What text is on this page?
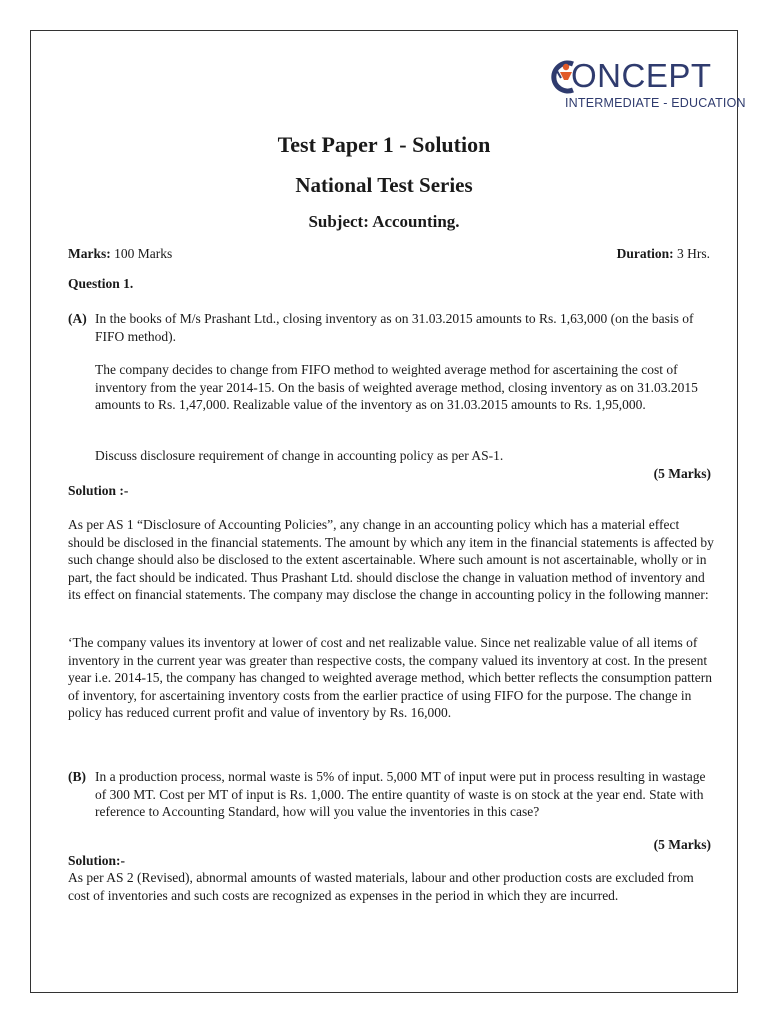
ONCEPT
INTERMEDIATE - EDUCATION
Test Paper 1 - Solution
National Test Series
Subject: Accounting.
Marks: 100 Marks	Duration: 3 Hrs.
Question 1.
(A) In the books of M/s Prashant Ltd., closing inventory as on 31.03.2015 amounts to Rs. 1,63,000 (on the basis of FIFO method).

The company decides to change from FIFO method to weighted average method for ascertaining the cost of inventory from the year 2014-15. On the basis of weighted average method, closing inventory as on 31.03.2015 amounts to Rs. 1,47,000. Realizable value of the inventory as on 31.03.2015 amounts to Rs. 1,95,000.

Discuss disclosure requirement of change in accounting policy as per AS-1.

(5 Marks)
Solution :-

As per AS 1 “Disclosure of Accounting Policies”, any change in an accounting policy which has a material effect should be disclosed in the financial statements. The amount by which any item in the financial statements is affected by such change should also be disclosed to the extent ascertainable. Where such amount is not ascertainable, wholly or in part, the fact should be indicated. Thus Prashant Ltd. should disclose the change in valuation method of inventory and its effect on financial statements. The company may disclose the change in accounting policy in the following manner:

‘The company values its inventory at lower of cost and net realizable value. Since net realizable value of all items of inventory in the current year was greater than respective costs, the company valued its inventory at cost. In the present year i.e. 2014-15, the company has changed to weighted average method, which better reflects the consumption pattern of inventory, for ascertaining inventory costs from the earlier practice of using FIFO for the purpose. The change in policy has reduced current profit and value of inventory by Rs. 16,000.

(B) In a production process, normal waste is 5% of input. 5,000 MT of input were put in process resulting in wastage of 300 MT. Cost per MT of input is Rs. 1,000. The entire quantity of waste is on stock at the year end. State with reference to Accounting Standard, how will you value the inventories in this case?

(5 Marks)
Solution:-

As per AS 2 (Revised), abnormal amounts of wasted materials, labour and other production costs are excluded from cost of inventories and such costs are recognized as expenses in the period in which they are incurred.
